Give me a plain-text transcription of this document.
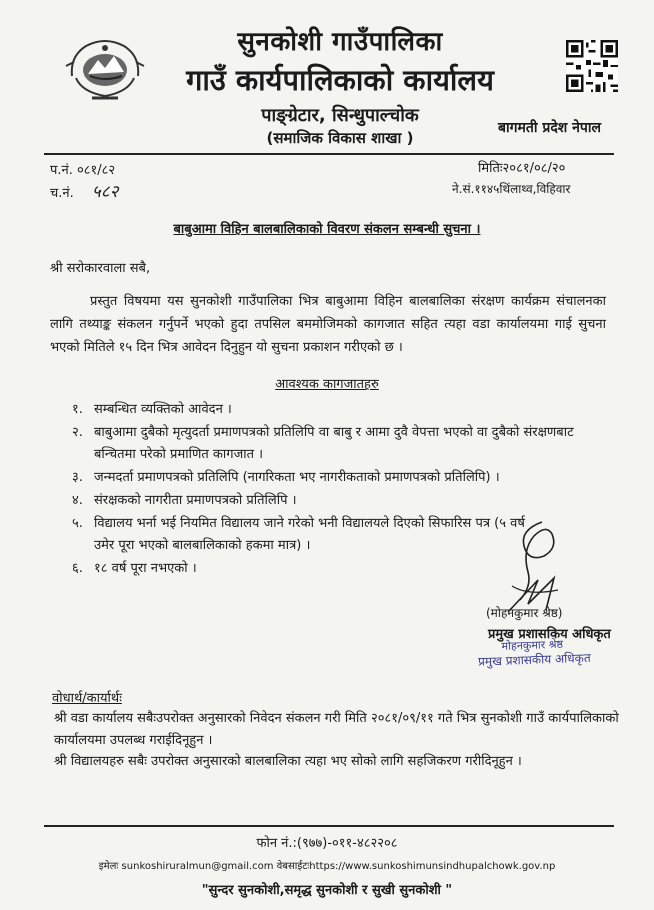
सुनकोशी गाउँपालिका
गाउँ कार्यपालिकाको कार्यालय
पाङ्ग्रेटार, सिन्धुपाल्चोक
(समाजिक विकास शाखा )
बागमती प्रदेश नेपाल
प.नं. ०८१/८२
च.नं. ५८२
मितिः२०८१/०८/२०
ने.सं.११४५थिंलाथ्व,विहिवार
बाबुआमा विहिन बालबालिकाको विवरण संकलन सम्बन्धी सुचना ।
श्री सरोकारवाला सबै,
प्रस्तुत विषयमा यस सुनकोशी गाउँपालिका भित्र बाबुआमा विहिन बालबालिका संरक्षण कार्यक्रम संचालनका लागि तथ्याङ्क संकलन गर्नुपर्ने भएको हुदा तपसिल बममोजिमको कागजात सहित त्यहा वडा कार्यालयमा गाई सुचना भएको मितिले १५ दिन भित्र आवेदन दिनुहुन यो सुचना प्रकाशन गरीएको छ ।
आवश्यक कागजातहरु
१. सम्बन्धित व्यक्तिको आवेदन ।
२. बाबुआमा दुबैको मृत्युदर्ता प्रमाणपत्रको प्रतिलिपि वा बाबु र आमा दुवै वेपत्ता भएको वा दुबैको संरक्षणबाट बन्चितमा परेको प्रमाणित कागजात ।
३. जन्मदर्ता प्रमाणपत्रको प्रतिलिपि (नागरिकता भए नागरीकताको प्रमाणपत्रको प्रतिलिपि) ।
४. संरक्षकको नागरीता प्रमाणपत्रको प्रतिलिपि ।
५. विद्यालय भर्ना भई नियमित विद्यालय जाने गरेको भनी विद्यालयले दिएको सिफारिस पत्र (५ वर्ष उमेर पूरा भएको बालबालिकाको हकमा मात्र) ।
६. १८ वर्ष पूरा नभएको ।
(मोहनकुमार श्रेष्ठ)
प्रमुख प्रशासकिय अधिकृत
मोहनकुमार श्रेष्ठ
प्रमुख प्रशासकीय अधिकृत
वोधार्थ/कार्यार्थः
श्री वडा कार्यालय सबैःउपरोक्त अनुसारको निवेदन संकलन गरी मिति २०८१/०९/११ गते भित्र सुनकोशी गाउँ कार्यपालिकाको कार्यालयमा उपलब्ध गराईदिनूहुन ।
श्री विद्यालयहरु सबैः उपरोक्त अनुसारको बालबालिका त्यहा भए सोको लागि सहजिकरण गरीदिनूहुन ।
फोन नं.:(९७७)-०११-४८२२०८
इमेलः sunkoshiruralmun@gmail.com वेबसाईटःhttps://www.sunkoshimunsindhupalchowk.gov.np
"सुन्दर सुनकोशी,समृद्ध सुनकोशी र सुखी सुनकोशी "
